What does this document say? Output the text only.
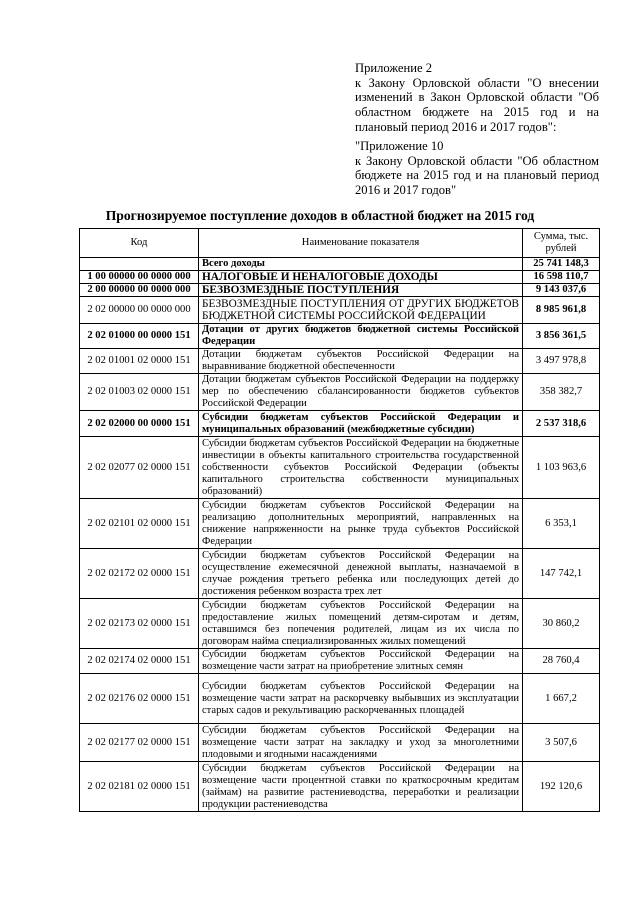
Приложение 2

к Закону Орловской области "О внесении изменений в Закон Орловской области "Об областном бюджете на 2015 год и на плановый период 2016 и 2017 годов":

"Приложение 10

к Закону Орловской области "Об областном бюджете на 2015 год и на плановый период 2016 и 2017 годов"

Прогнозируемое поступление доходов в областной бюджет на 2015 год
Код	Наименование показателя	Сумма, тыс. рублей
	Всего доходы	25 741 148,3
1 00 00000 00 0000 000	НАЛОГОВЫЕ И НЕНАЛОГОВЫЕ ДОХОДЫ	16 598 110,7
2 00 00000 00 0000 000	БЕЗВОЗМЕЗДНЫЕ ПОСТУПЛЕНИЯ	9 143 037,6
2 02 00000 00 0000 000	БЕЗВОЗМЕЗДНЫЕ ПОСТУПЛЕНИЯ ОТ ДРУГИХ БЮДЖЕТОВ БЮДЖЕТНОЙ СИСТЕМЫ РОССИЙСКОЙ ФЕДЕРАЦИИ	8 985 961,8
2 02 01000 00 0000 151	Дотации от других бюджетов бюджетной системы Российской Федерации	3 856 361,5
2 02 01001 02 0000 151	Дотации бюджетам субъектов Российской Федерации на выравнивание бюджетной обеспеченности	3 497 978,8
2 02 01003 02 0000 151	Дотации бюджетам субъектов Российской Федерации на поддержку мер по обеспечению сбалансированности бюджетов субъектов Российской Федерации	358 382,7
2 02 02000 00 0000 151	Субсидии бюджетам субъектов Российской Федерации и муниципальных образований (межбюджетные субсидии)	2 537 318,6
2 02 02077 02 0000 151	Субсидии бюджетам субъектов Российской Федерации на бюджетные инвестиции в объекты капитального строительства государственной собственности субъектов Российской Федерации (объекты капитального строительства собственности муниципальных образований)	1 103 963,6
2 02 02101 02 0000 151	Субсидии бюджетам субъектов Российской Федерации на реализацию дополнительных мероприятий, направленных на снижение напряженности на рынке труда субъектов Российской Федерации	6 353,1
2 02 02172 02 0000 151	Субсидии бюджетам субъектов Российской Федерации на осуществление ежемесячной денежной выплаты, назначаемой в случае рождения третьего ребенка или последующих детей до достижения ребенком возраста трех лет	147 742,1
2 02 02173 02 0000 151	Субсидии бюджетам субъектов Российской Федерации на предоставление жилых помещений детям-сиротам и детям, оставшимся без попечения родителей, лицам из их числа по договорам найма специализированных жилых помещений	30 860,2
2 02 02174 02 0000 151	Субсидии бюджетам субъектов Российской Федерации на возмещение части затрат на приобретение элитных семян	28 760,4
2 02 02176 02 0000 151	Субсидии бюджетам субъектов Российской Федерации на возмещение части затрат на раскорчевку выбывших из эксплуатации старых садов и рекультивацию раскорчеванных площадей	1 667,2
2 02 02177 02 0000 151	Субсидии бюджетам субъектов Российской Федерации на возмещение части затрат на закладку и уход за многолетними плодовыми и ягодными насаждениями	3 507,6
2 02 02181 02 0000 151	Субсидии бюджетам субъектов Российской Федерации на возмещение части процентной ставки по краткосрочным кредитам (займам) на развитие растениеводства, переработки и реализации продукции растениеводства	192 120,6
